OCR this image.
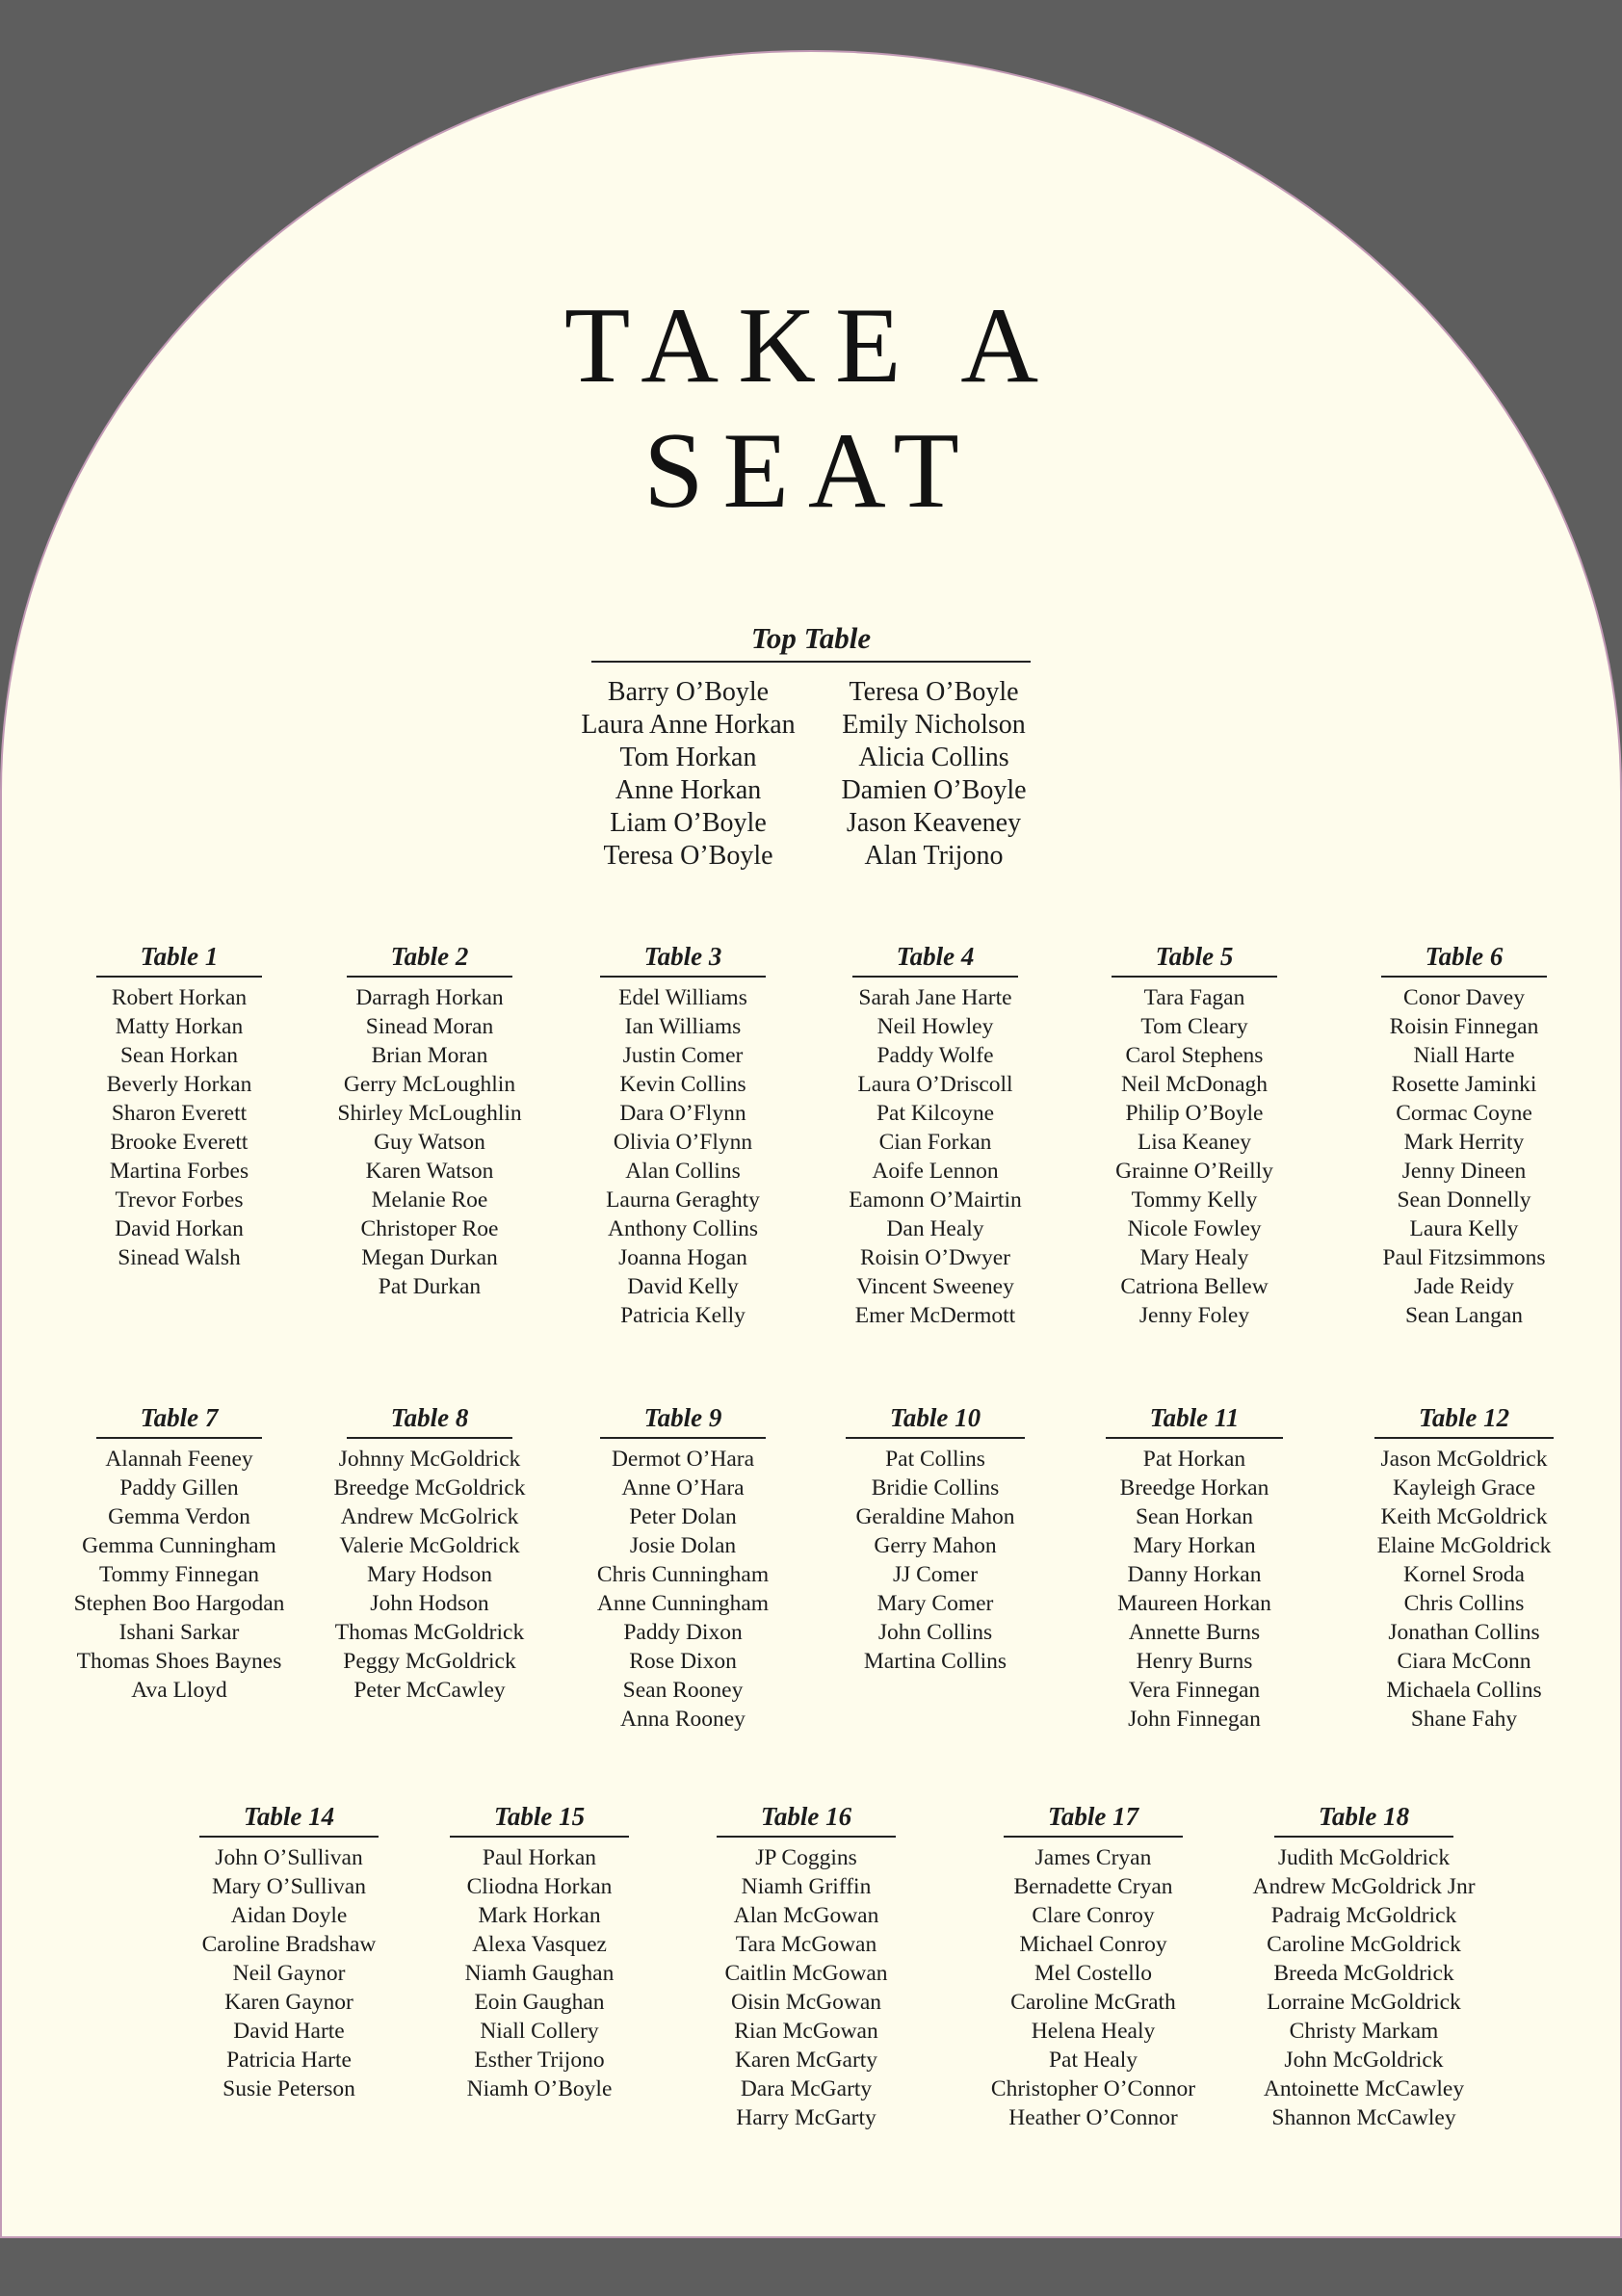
TAKE A
SEAT
Top Table
Barry O’Boyle
Laura Anne Horkan
Tom Horkan
Anne Horkan
Liam O’Boyle
Teresa O’Boyle
Teresa O’Boyle
Emily Nicholson
Alicia Collins
Damien O’Boyle
Jason Keaveney
Alan Trijono
Table 1
Robert Horkan
Matty Horkan
Sean Horkan
Beverly Horkan
Sharon Everett
Brooke Everett
Martina Forbes
Trevor Forbes
David Horkan
Sinead Walsh
Table 2
Darragh Horkan
Sinead Moran
Brian Moran
Gerry McLoughlin
Shirley McLoughlin
Guy Watson
Karen Watson
Melanie Roe
Christoper Roe
Megan Durkan
Pat Durkan
Table 3
Edel Williams
Ian Williams
Justin Comer
Kevin Collins
Dara O’Flynn
Olivia O’Flynn
Alan Collins
Laurna Geraghty
Anthony Collins
Joanna Hogan
David Kelly
Patricia Kelly
Table 4
Sarah Jane Harte
Neil Howley
Paddy Wolfe
Laura O’Driscoll
Pat Kilcoyne
Cian Forkan
Aoife Lennon
Eamonn O’Mairtin
Dan Healy
Roisin O’Dwyer
Vincent Sweeney
Emer McDermott
Table 5
Tara Fagan
Tom Cleary
Carol Stephens
Neil McDonagh
Philip O’Boyle
Lisa Keaney
Grainne O’Reilly
Tommy Kelly
Nicole Fowley
Mary Healy
Catriona Bellew
Jenny Foley
Table 6
Conor Davey
Roisin Finnegan
Niall Harte
Rosette Jaminki
Cormac Coyne
Mark Herrity
Jenny Dineen
Sean Donnelly
Laura Kelly
Paul Fitzsimmons
Jade Reidy
Sean Langan
Table 7
Alannah Feeney
Paddy Gillen
Gemma Verdon
Gemma Cunningham
Tommy Finnegan
Stephen Boo Hargodan
Ishani Sarkar
Thomas Shoes Baynes
Ava Lloyd
Table 8
Johnny McGoldrick
Breedge McGoldrick
Andrew McGolrick
Valerie McGoldrick
Mary Hodson
John Hodson
Thomas McGoldrick
Peggy McGoldrick
Peter McCawley
Table 9
Dermot O’Hara
Anne O’Hara
Peter Dolan
Josie Dolan
Chris Cunningham
Anne Cunningham
Paddy Dixon
Rose Dixon
Sean Rooney
Anna Rooney
Table 10
Pat Collins
Bridie Collins
Geraldine Mahon
Gerry Mahon
JJ Comer
Mary Comer
John Collins
Martina Collins
Table 11
Pat Horkan
Breedge Horkan
Sean Horkan
Mary Horkan
Danny Horkan
Maureen Horkan
Annette Burns
Henry Burns
Vera Finnegan
John Finnegan
Table 12
Jason McGoldrick
Kayleigh Grace
Keith McGoldrick
Elaine McGoldrick
Kornel Sroda
Chris Collins
Jonathan Collins
Ciara McConn
Michaela Collins
Shane Fahy
Table 14
John O’Sullivan
Mary O’Sullivan
Aidan Doyle
Caroline Bradshaw
Neil Gaynor
Karen Gaynor
David Harte
Patricia Harte
Susie Peterson
Table 15
Paul Horkan
Cliodna Horkan
Mark Horkan
Alexa Vasquez
Niamh Gaughan
Eoin Gaughan
Niall Collery
Esther Trijono
Niamh O’Boyle
Table 16
JP Coggins
Niamh Griffin
Alan McGowan
Tara McGowan
Caitlin McGowan
Oisin McGowan
Rian McGowan
Karen McGarty
Dara McGarty
Harry McGarty
Table 17
James Cryan
Bernadette Cryan
Clare Conroy
Michael Conroy
Mel Costello
Caroline McGrath
Helena Healy
Pat Healy
Christopher O’Connor
Heather O’Connor
Table 18
Judith McGoldrick
Andrew McGoldrick Jnr
Padraig McGoldrick
Caroline McGoldrick
Breeda McGoldrick
Lorraine McGoldrick
Christy Markam
John McGoldrick
Antoinette McCawley
Shannon McCawley
